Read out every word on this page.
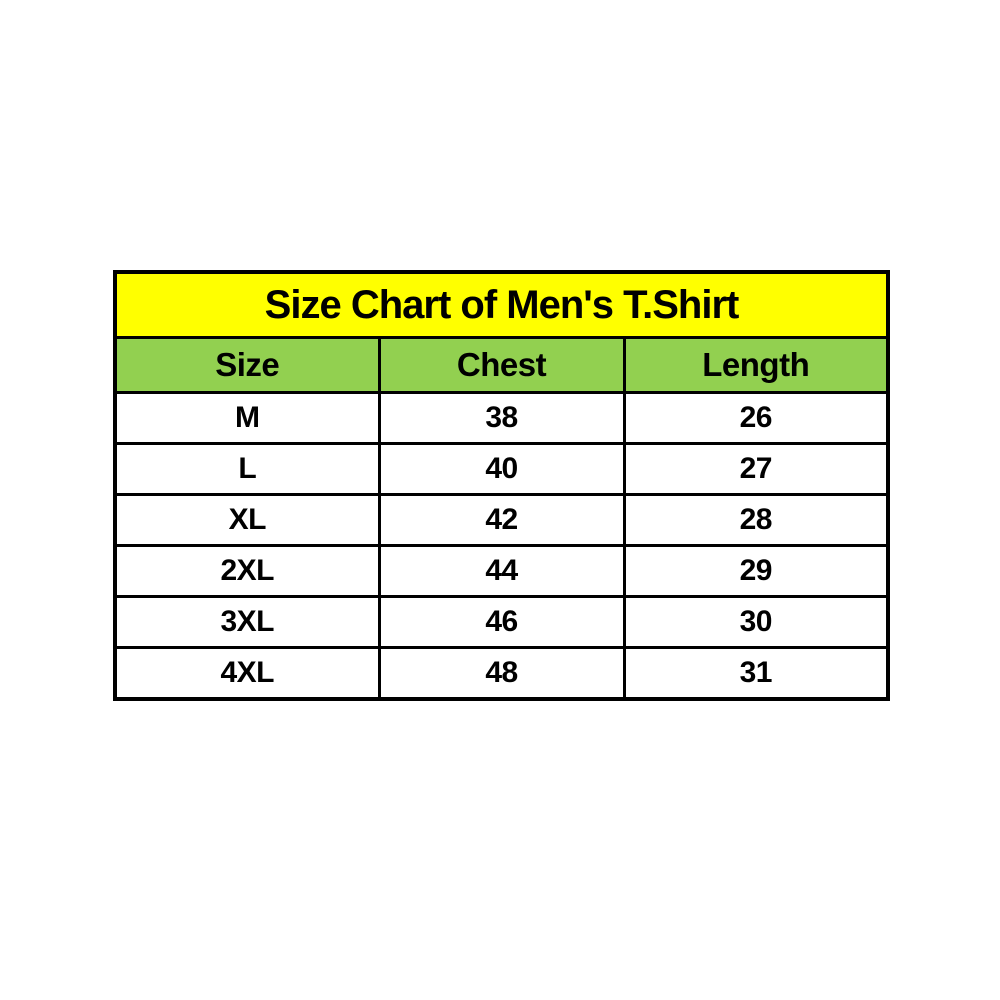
Size Chart of Men's T.Shirt		
Size	Chest	Length
M	38	26
L	40	27
XL	42	28
2XL	44	29
3XL	46	30
4XL	48	31
